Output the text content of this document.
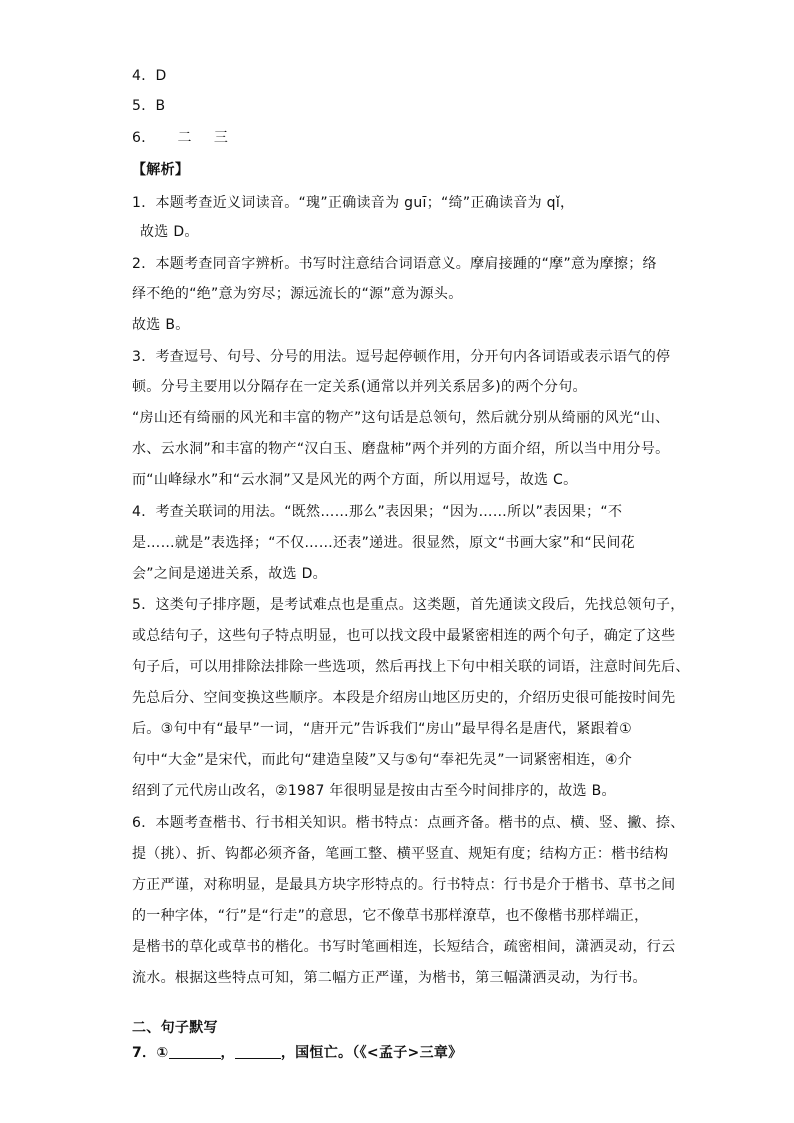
4．D
5．B
6． 二 三
【解析】
1．本题考查近义词读音。“瑰”正确读音为 guī；“绮”正确读音为 qǐ，
故选 D。
2．本题考查同音字辨析。书写时注意结合词语意义。摩肩接踵的“摩”意为摩擦；络
绎不绝的“绝”意为穷尽；源远流长的“源”意为源头。
故选 B。
3．考查逗号、句号、分号的用法。逗号起停顿作用，分开句内各词语或表示语气的停
顿。分号主要用以分隔存在一定关系(通常以并列关系居多)的两个分句。
“房山还有绮丽的风光和丰富的物产”这句话是总领句，然后就分别从绮丽的风光“山、
水、云水洞”和丰富的物产“汉白玉、磨盘柿”两个并列的方面介绍，所以当中用分号。
而“山峰绿水”和“云水洞”又是风光的两个方面，所以用逗号，故选 C。
4．考查关联词的用法。“既然……那么”表因果；“因为……所以”表因果；“不
是……就是”表选择；“不仅……还表”递进。很显然，原文“书画大家”和“民间花
会”之间是递进关系，故选 D。
5．这类句子排序题，是考试难点也是重点。这类题，首先通读文段后，先找总领句子，
或总结句子，这些句子特点明显，也可以找文段中最紧密相连的两个句子，确定了这些
句子后，可以用排除法排除一些选项，然后再找上下句中相关联的词语，注意时间先后、
先总后分、空间变换这些顺序。本段是介绍房山地区历史的，介绍历史很可能按时间先
后。③句中有“最早”一词，“唐开元”告诉我们“房山”最早得名是唐代，紧跟着①
句中“大金”是宋代，而此句“建造皇陵”又与⑤句“奉祀先灵”一词紧密相连，④介
绍到了元代房山改名，②1987 年很明显是按由古至今时间排序的，故选 B。
6．本题考查楷书、行书相关知识。楷书特点：点画齐备。楷书的点、横、竖、撇、捺、
提（挑）、折、钩都必须齐备，笔画工整、横平竖直、规矩有度；结构方正：楷书结构
方正严谨，对称明显，是最具方块字形特点的。行书特点：行书是介于楷书、草书之间
的一种字体，“行”是“行走”的意思，它不像草书那样潦草，也不像楷书那样端正，
是楷书的草化或草书的楷化。书写时笔画相连，长短结合，疏密相间，潇洒灵动，行云
流水。根据这些特点可知，第二幅方正严谨，为楷书，第三幅潇洒灵动，为行书。
二、句子默写
7．①	，	，国恒亡。（《<孟子>三章》
